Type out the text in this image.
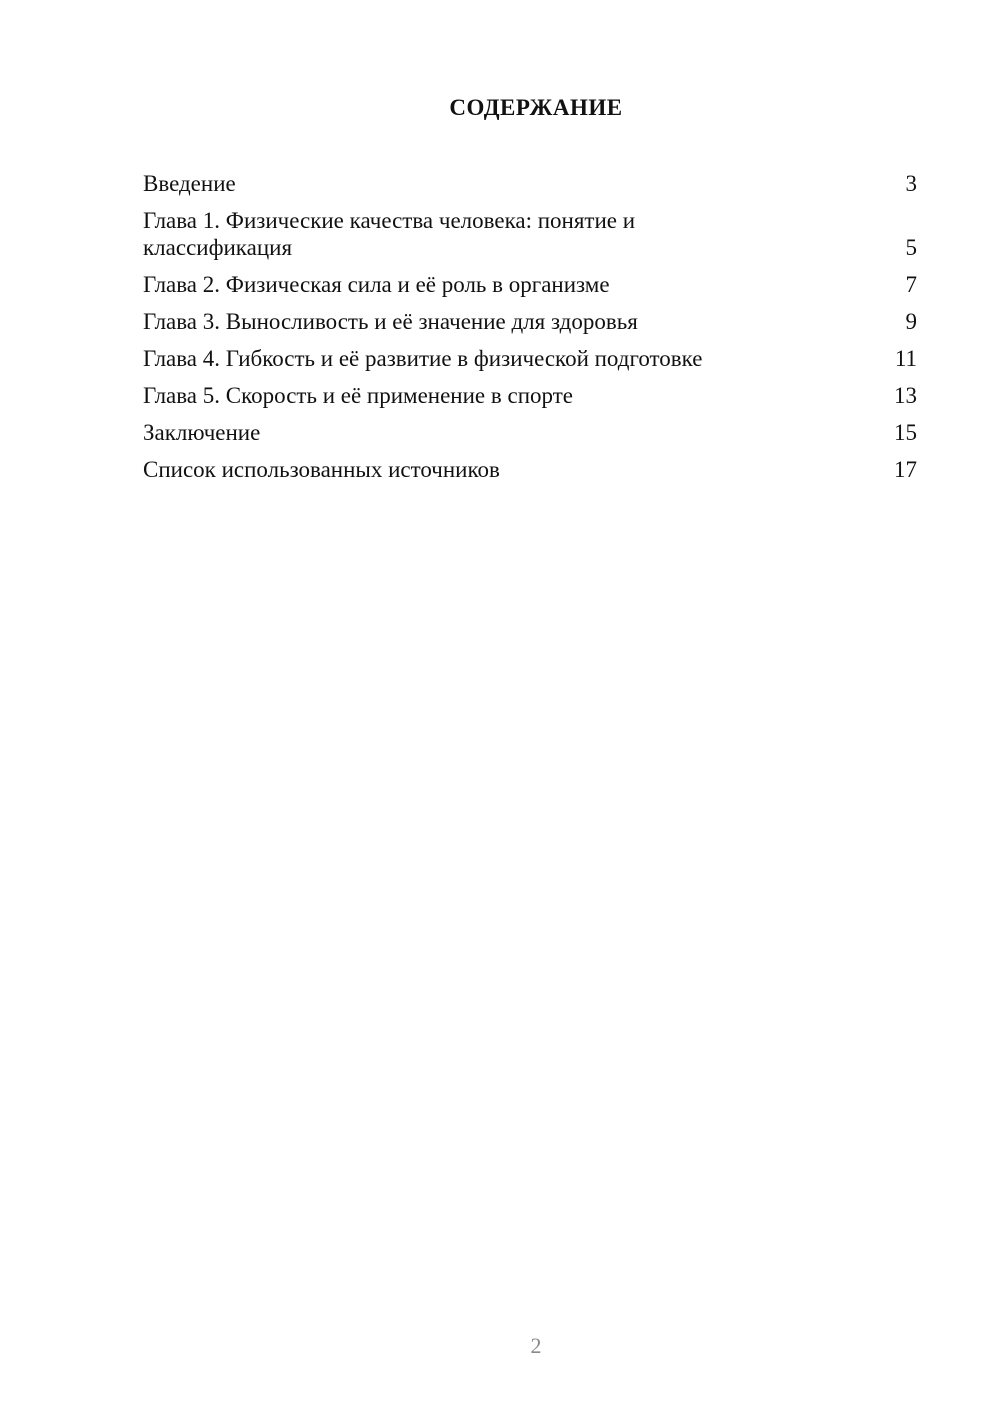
СОДЕРЖАНИЕ
Введение	3
Глава 1. Физические качества человека: понятие и классификация	5
Глава 2. Физическая сила и её роль в организме	7
Глава 3. Выносливость и её значение для здоровья	9
Глава 4. Гибкость и её развитие в физической подготовке	11
Глава 5. Скорость и её применение в спорте	13
Заключение	15
Список использованных источников	17
2
